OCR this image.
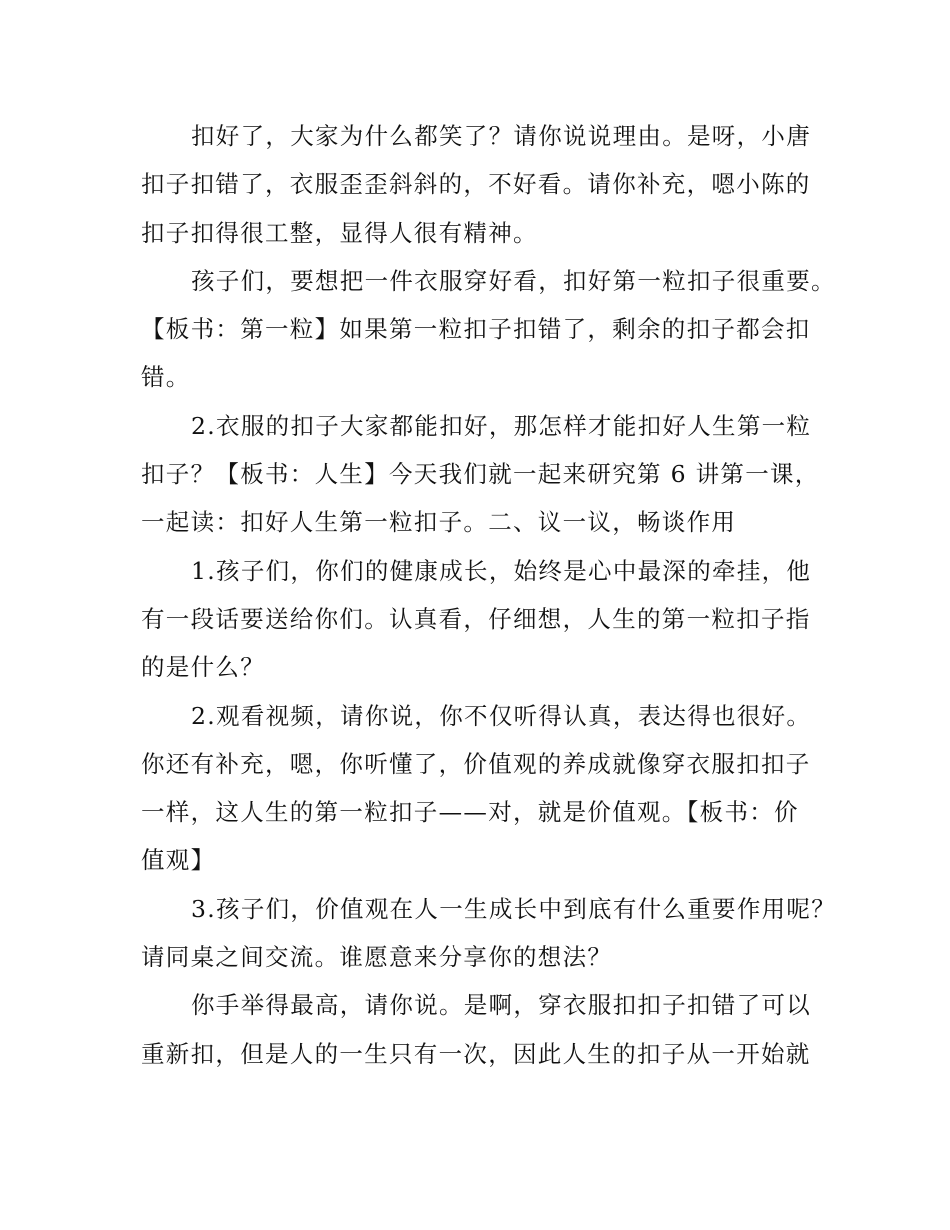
扣好了，大家为什么都笑了？请你说说理由。是呀，小唐
扣子扣错了，衣服歪歪斜斜的，不好看。请你补充，嗯小陈的
扣子扣得很工整，显得人很有精神。

孩子们，要想把一件衣服穿好看，扣好第一粒扣子很重要。
【板书：第一粒】如果第一粒扣子扣错了，剩余的扣子都会扣
错。

2.衣服的扣子大家都能扣好，那怎样才能扣好人生第一粒
扣子？【板书：人生】今天我们就一起来研究第 6 讲第一课，
一起读：扣好人生第一粒扣子。二、议一议，畅谈作用

1.孩子们，你们的健康成长，始终是心中最深的牵挂，他
有一段话要送给你们。认真看，仔细想，人生的第一粒扣子指
的是什么？

2.观看视频，请你说，你不仅听得认真，表达得也很好。
你还有补充，嗯，你听懂了，价值观的养成就像穿衣服扣扣子
一样，这人生的第一粒扣子——对，就是价值观。【板书：价
值观】

3.孩子们，价值观在人一生成长中到底有什么重要作用呢？
请同桌之间交流。谁愿意来分享你的想法？

你手举得最高，请你说。是啊，穿衣服扣扣子扣错了可以
重新扣，但是人的一生只有一次，因此人生的扣子从一开始就
